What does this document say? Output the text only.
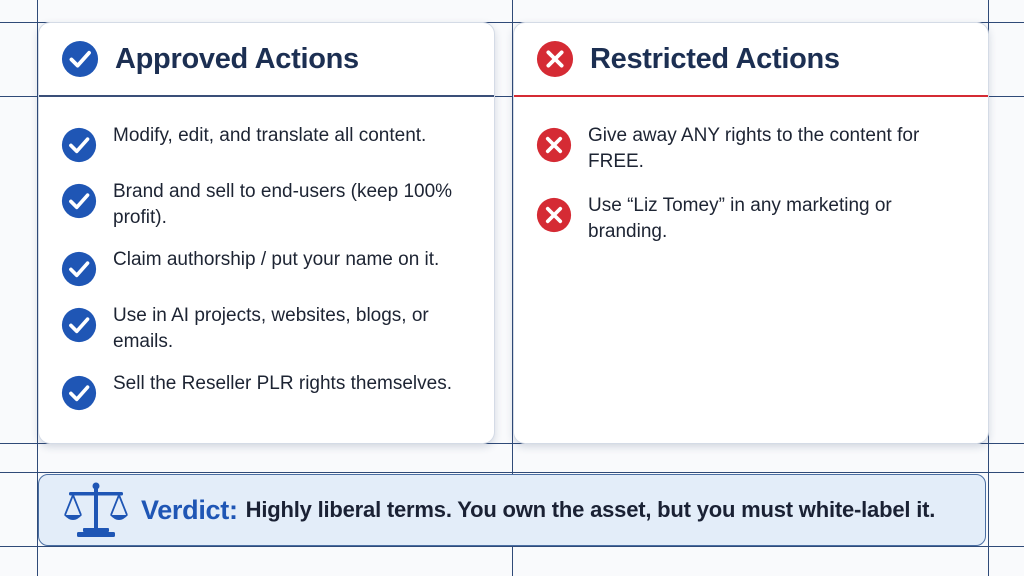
Approved Actions
Modify, edit, and translate all content.
Brand and sell to end-users (keep 100% profit).
Claim authorship / put your name on it.
Use in AI projects, websites, blogs, or emails.
Sell the Reseller PLR rights themselves.
Restricted Actions
Give away ANY rights to the content for FREE.
Use “Liz Tomey” in any marketing or branding.
Verdict: Highly liberal terms. You own the asset, but you must white-label it.
